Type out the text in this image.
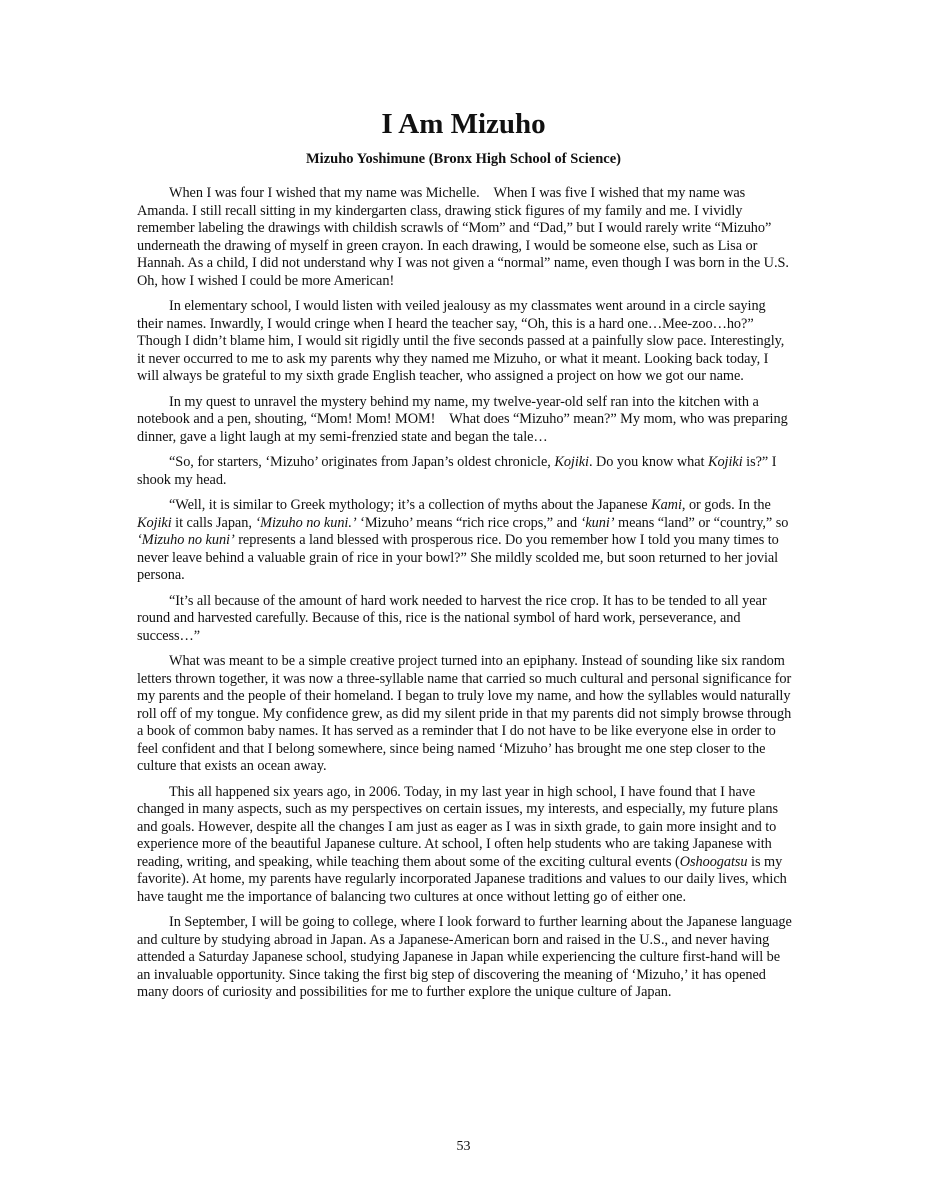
I Am Mizuho
Mizuho Yoshimune (Bronx High School of Science)

When I was four I wished that my name was Michelle.    When I was five I wished that my name was Amanda. I still recall sitting in my kindergarten class, drawing stick figures of my family and me. I vividly remember labeling the drawings with childish scrawls of “Mom” and “Dad,” but I would rarely write “Mizuho” underneath the drawing of myself in green crayon. In each drawing, I would be someone else, such as Lisa or Hannah. As a child, I did not understand why I was not given a “normal” name, even though I was born in the U.S. Oh, how I wished I could be more American!

In elementary school, I would listen with veiled jealousy as my classmates went around in a circle saying their names. Inwardly, I would cringe when I heard the teacher say, “Oh, this is a hard one…Mee-zoo…ho?” Though I didn’t blame him, I would sit rigidly until the five seconds passed at a painfully slow pace. Interestingly, it never occurred to me to ask my parents why they named me Mizuho, or what it meant. Looking back today, I will always be grateful to my sixth grade English teacher, who assigned a project on how we got our name.

In my quest to unravel the mystery behind my name, my twelve-year-old self ran into the kitchen with a notebook and a pen, shouting, “Mom! Mom! MOM!    What does “Mizuho” mean?” My mom, who was preparing dinner, gave a light laugh at my semi-frenzied state and began the tale…

“So, for starters, ‘Mizuho’ originates from Japan’s oldest chronicle, Kojiki. Do you know what Kojiki is?” I shook my head.

“Well, it is similar to Greek mythology; it’s a collection of myths about the Japanese Kami, or gods. In the Kojiki it calls Japan, ‘Mizuho no kuni.’ ‘Mizuho’ means “rich rice crops,” and ‘kuni’ means “land” or “country,” so ‘Mizuho no kuni’ represents a land blessed with prosperous rice. Do you remember how I told you many times to never leave behind a valuable grain of rice in your bowl?” She mildly scolded me, but soon returned to her jovial persona.

“It’s all because of the amount of hard work needed to harvest the rice crop. It has to be tended to all year round and harvested carefully. Because of this, rice is the national symbol of hard work, perseverance, and success…”

What was meant to be a simple creative project turned into an epiphany. Instead of sounding like six random letters thrown together, it was now a three-syllable name that carried so much cultural and personal significance for my parents and the people of their homeland. I began to truly love my name, and how the syllables would naturally roll off of my tongue. My confidence grew, as did my silent pride in that my parents did not simply browse through a book of common baby names. It has served as a reminder that I do not have to be like everyone else in order to feel confident and that I belong somewhere, since being named ‘Mizuho’ has brought me one step closer to the culture that exists an ocean away.

This all happened six years ago, in 2006. Today, in my last year in high school, I have found that I have changed in many aspects, such as my perspectives on certain issues, my interests, and especially, my future plans and goals. However, despite all the changes I am just as eager as I was in sixth grade, to gain more insight and to experience more of the beautiful Japanese culture. At school, I often help students who are taking Japanese with reading, writing, and speaking, while teaching them about some of the exciting cultural events (Oshoogatsu is my favorite). At home, my parents have regularly incorporated Japanese traditions and values to our daily lives, which have taught me the importance of balancing two cultures at once without letting go of either one.

In September, I will be going to college, where I look forward to further learning about the Japanese language and culture by studying abroad in Japan. As a Japanese-American born and raised in the U.S., and never having attended a Saturday Japanese school, studying Japanese in Japan while experiencing the culture first-hand will be an invaluable opportunity. Since taking the first big step of discovering the meaning of ‘Mizuho,’ it has opened many doors of curiosity and possibilities for me to further explore the unique culture of Japan.

53
